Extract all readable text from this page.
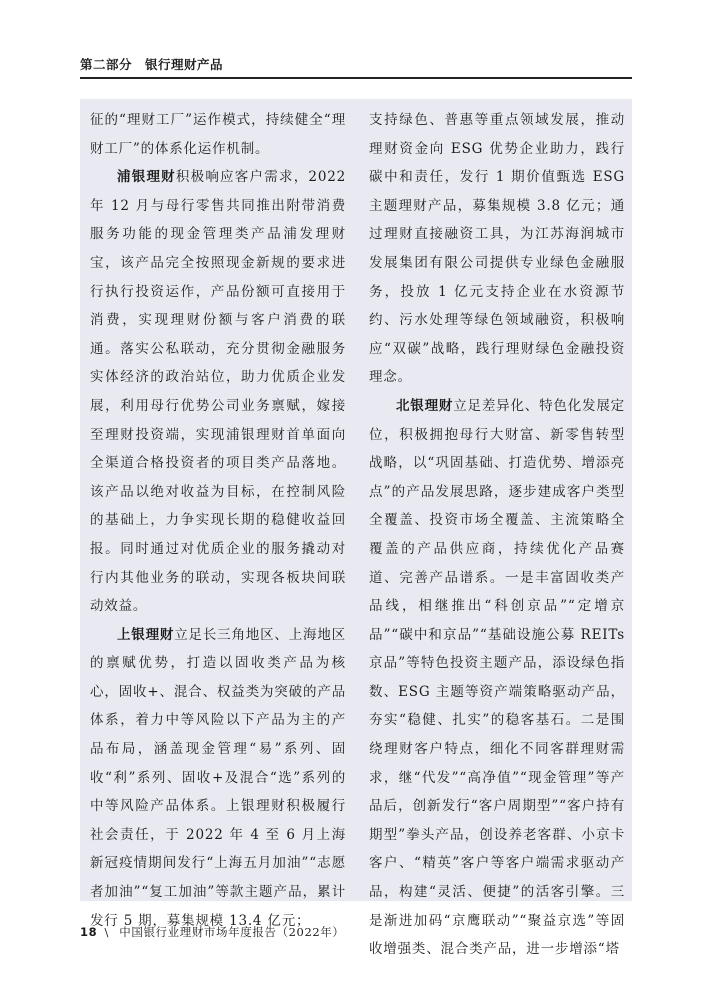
第二部分　银行理财产品

征的“理财工厂”运作模式，持续健全“理财工厂”的体系化运作机制。

浦银理财积极响应客户需求，2022 年 12 月与母行零售共同推出附带消费服务功能的现金管理类产品浦发理财宝，该产品完全按照现金新规的要求进行执行投资运作，产品份额可直接用于消费，实现理财份额与客户消费的联通。落实公私联动，充分贯彻金融服务实体经济的政治站位，助力优质企业发展，利用母行优势公司业务禀赋，嫁接至理财投资端，实现浦银理财首单面向全渠道合格投资者的项目类产品落地。该产品以绝对收益为目标，在控制风险的基础上，力争实现长期的稳健收益回报。同时通过对优质企业的服务撬动对行内其他业务的联动，实现各板块间联动效益。

上银理财立足长三角地区、上海地区的禀赋优势，打造以固收类产品为核心，固收+、混合、权益类为突破的产品体系，着力中等风险以下产品为主的产品布局，涵盖现金管理“易”系列、固收“利”系列、固收+及混合“选”系列的中等风险产品体系。上银理财积极履行社会责任，于 2022 年 4 至 6 月上海新冠疫情期间发行“上海五月加油”“志愿者加油”“复工加油”等款主题产品，累计发行 5 期，募集规模 13.4 亿元；

支持绿色、普惠等重点领域发展，推动理财资金向 ESG 优势企业助力，践行碳中和责任，发行 1 期价值甄选 ESG 主题理财产品，募集规模 3.8 亿元；通过理财直接融资工具，为江苏海润城市发展集团有限公司提供专业绿色金融服务，投放 1 亿元支持企业在水资源节约、污水处理等绿色领域融资，积极响应“双碳”战略，践行理财绿色金融投资理念。

北银理财立足差异化、特色化发展定位，积极拥抱母行大财富、新零售转型战略，以“巩固基础、打造优势、增添亮点”的产品发展思路，逐步建成客户类型全覆盖、投资市场全覆盖、主流策略全覆盖的产品供应商，持续优化产品赛道、完善产品谱系。一是丰富固收类产品线，相继推出“科创京品”“定增京品”“碳中和京品”“基础设施公募 REITs 京品”等特色投资主题产品，添设绿色指数、ESG 主题等资产端策略驱动产品，夯实“稳健、扎实”的稳客基石。二是围绕理财客户特点，细化不同客群理财需求，继“代发”“高净值”“现金管理”等产品后，创新发行“客户周期型”“客户持有期型”拳头产品，创设养老客群、小京卡客户、“精英”客户等客户端需求驱动产品，构建“灵活、便捷”的活客引擎。三是渐进加码“京鹰联动”“聚益京选”等固收增强类、混合类产品，进一步增添“塔

18 \ 中国银行业理财市场年度报告（2022年）
